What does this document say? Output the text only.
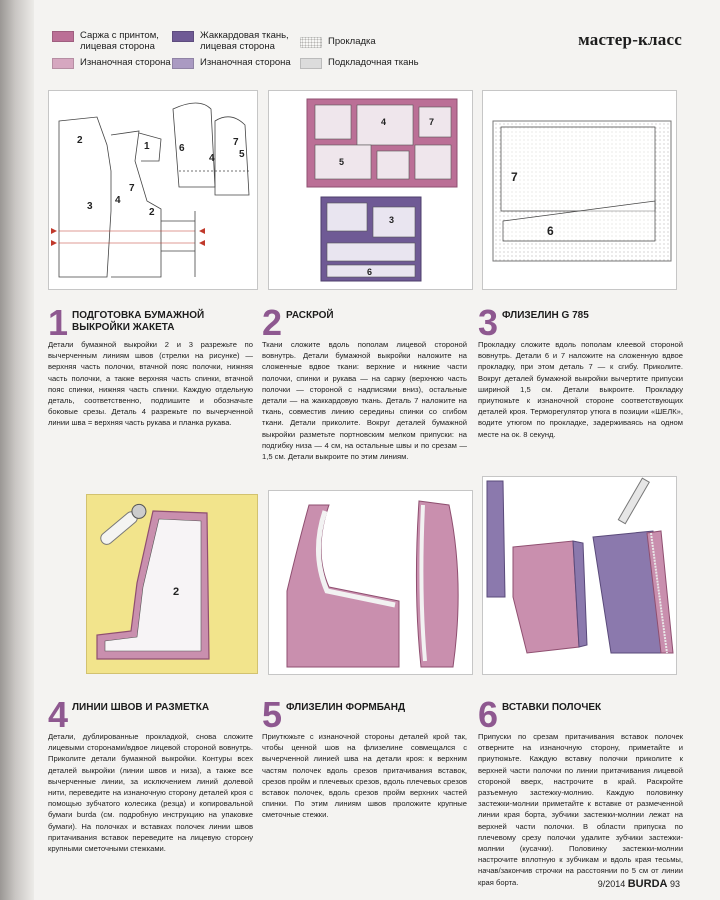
Саржа с принтом,
лицевая сторона
Изнаночная сторона
Жаккардовая ткань,
лицевая сторона
Изнаночная сторона
Прокладка
Подкладочная ткань
мастер-класс
2
1	6
7
5
4
3
4
7
2
4	7
5
3
6
7
6
1 ПОДГОТОВКА БУМАЖНОЙ ВЫКРОЙКИ ЖАКЕТА

Детали бумажной выкройки 2 и 3 разрежьте по вычерченным линиям швов (стрелки на рисунке) — верхняя часть полочки, втачной пояс полочки, нижняя часть полочки, а также верхняя часть спинки, втачной пояс спинки, нижняя часть спинки. Каждую отдельную деталь, соответственно, подпишите и обозначьте боковые срезы. Деталь 4 разрежьте по вычерченной линии шва = верхняя часть рукава и планка рукава.

2 РАСКРОЙ

Ткани сложите вдоль пополам лицевой стороной вовнутрь. Детали бумажной выкройки наложите на сложенные вдвое ткани: верхние и нижние части полочки, спинки и рукава — на саржу (верхнюю часть полочки — стороной с надписями вниз), остальные детали — на жаккардовую ткань. Деталь 7 наложите на ткань, совместив линию середины спинки со сгибом ткани. Детали приколите. Вокруг деталей бумажной выкройки разметьте портновским мелком припуски: на подгибку низа — 4 см, на остальные швы и по срезам — 1,5 см. Детали выкроите по этим линиям.

3 ФЛИЗЕЛИН G 785

Прокладку сложите вдоль пополам клеевой стороной вовнутрь. Детали 6 и 7 наложите на сложенную вдвое прокладку, при этом деталь 7 — к сгибу. Приколите. Вокруг деталей бумажной выкройки вычертите припуски шириной 1,5 см. Детали выкроите. Прокладку приутюжьте к изнаночной стороне соответствующих деталей кроя. Терморегулятор утюга в позиции «ШЕЛК», водите утюгом по прокладке, задерживаясь на одном месте на ок. 8 секунд.

2
4 ЛИНИИ ШВОВ И РАЗМЕТКА

Детали, дублированные прокладкой, снова сложите лицевыми сторонами/вдвое лицевой стороной вовнутрь. Приколите детали бумажной выкройки. Контуры всех деталей выкройки (линии швов и низа), а также все вычерченные линии, за исключением линий долевой нити, переведите на изнаночную сторону деталей кроя с помощью зубчатого колесика (резца) и копировальной бумаги burda (см. подробную инструкцию на упаковке бумаги). На полочках и вставках полочек линии швов притачивания вставок переведите на лицевую сторону крупными сметочными стежками.

5 ФЛИЗЕЛИН ФОРМБАНД

Приутюжьте с изнаночной стороны деталей крой так, чтобы ценной шов на флизелине совмещался с вычерченной линией шва на детали кроя: к верхним частям полочек вдоль срезов притачивания вставок, срезов пройм и плечевых срезов, вдоль плечевых срезов вставок полочек, вдоль срезов пройм верхних частей спинки. По этим линиям швов проложите крупные сметочные стежки.

6 ВСТАВКИ ПОЛОЧЕК

Припуски по срезам притачивания вставок полочек отверните на изнаночную сторону, приметайте и приутюжьте. Каждую вставку полочки приколите к верхней части полочки по линии притачивания лицевой стороной вверх, настрочите в край. Раскройте разъемную застежку-молнию. Каждую половинку застежки-молнии приметайте к вставке от размеченной линии края борта, зубчики застежки-молнии лежат на верхней части полочки. В области припуска по плечевому срезу полочки удалите зубчики застежки-молнии (кусачки). Половинку застежки-молнии настрочите вплотную к зубчикам и вдоль края тесьмы, начав/закончив строчки на расстоянии по 5 см от линии края борта.	9/2014 BURDA 93
